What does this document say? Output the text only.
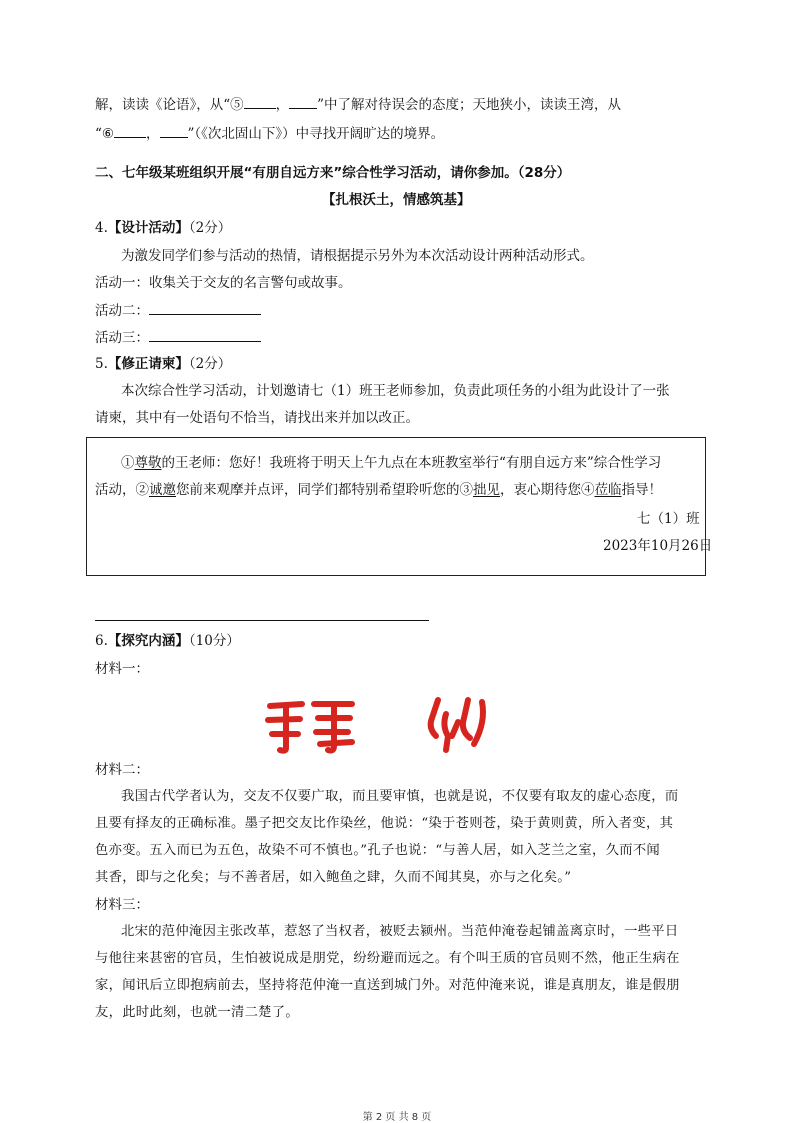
解，读读《论语》，从“⑤ ， ”中了解对待误会的态度；天地狭小，读读王湾，从
“⑥ ， ”（《次北固山下》）中寻找开阔旷达的境界。
二、七年级某班组织开展“有朋自远方来”综合性学习活动，请你参加。（28分）
【扎根沃土，情感筑基】
4.【设计活动】（2分）
为激发同学们参与活动的热情，请根据提示另外为本次活动设计两种活动形式。
活动一：收集关于交友的名言警句或故事。
活动二：
活动三：
5.【修正请柬】（2分）
本次综合性学习活动，计划邀请七（1）班王老师参加，负责此项任务的小组为此设计了一张
请柬，其中有一处语句不恰当，请找出来并加以改正。
①尊敬的王老师：您好！我班将于明天上午九点在本班教室举行“有朋自远方来”综合性学习
活动，②诚邀您前来观摩并点评，同学们都特别希望聆听您的③拙见，衷心期待您④莅临指导！
七（1）班
2023年10月26日
6.【探究内涵】（10分）
材料一：
材料二：
我国古代学者认为，交友不仅要广取，而且要审慎，也就是说，不仅要有取友的虚心态度，而
且要有择友的正确标准。墨子把交友比作染丝，他说：“染于苍则苍，染于黄则黄，所入者变，其
色亦变。五入而已为五色，故染不可不慎也。”孔子也说：“与善人居，如入芝兰之室，久而不闻
其香，即与之化矣；与不善者居，如入鲍鱼之肆，久而不闻其臭，亦与之化矣。”
材料三：
北宋的范仲淹因主张改革，惹怒了当权者，被贬去颍州。当范仲淹卷起铺盖离京时，一些平日
与他往来甚密的官员，生怕被说成是朋党，纷纷避而远之。有个叫王质的官员则不然，他正生病在
家，闻讯后立即抱病前去，坚持将范仲淹一直送到城门外。对范仲淹来说，谁是真朋友，谁是假朋
友，此时此刻，也就一清二楚了。
第 2 页 共 8 页
